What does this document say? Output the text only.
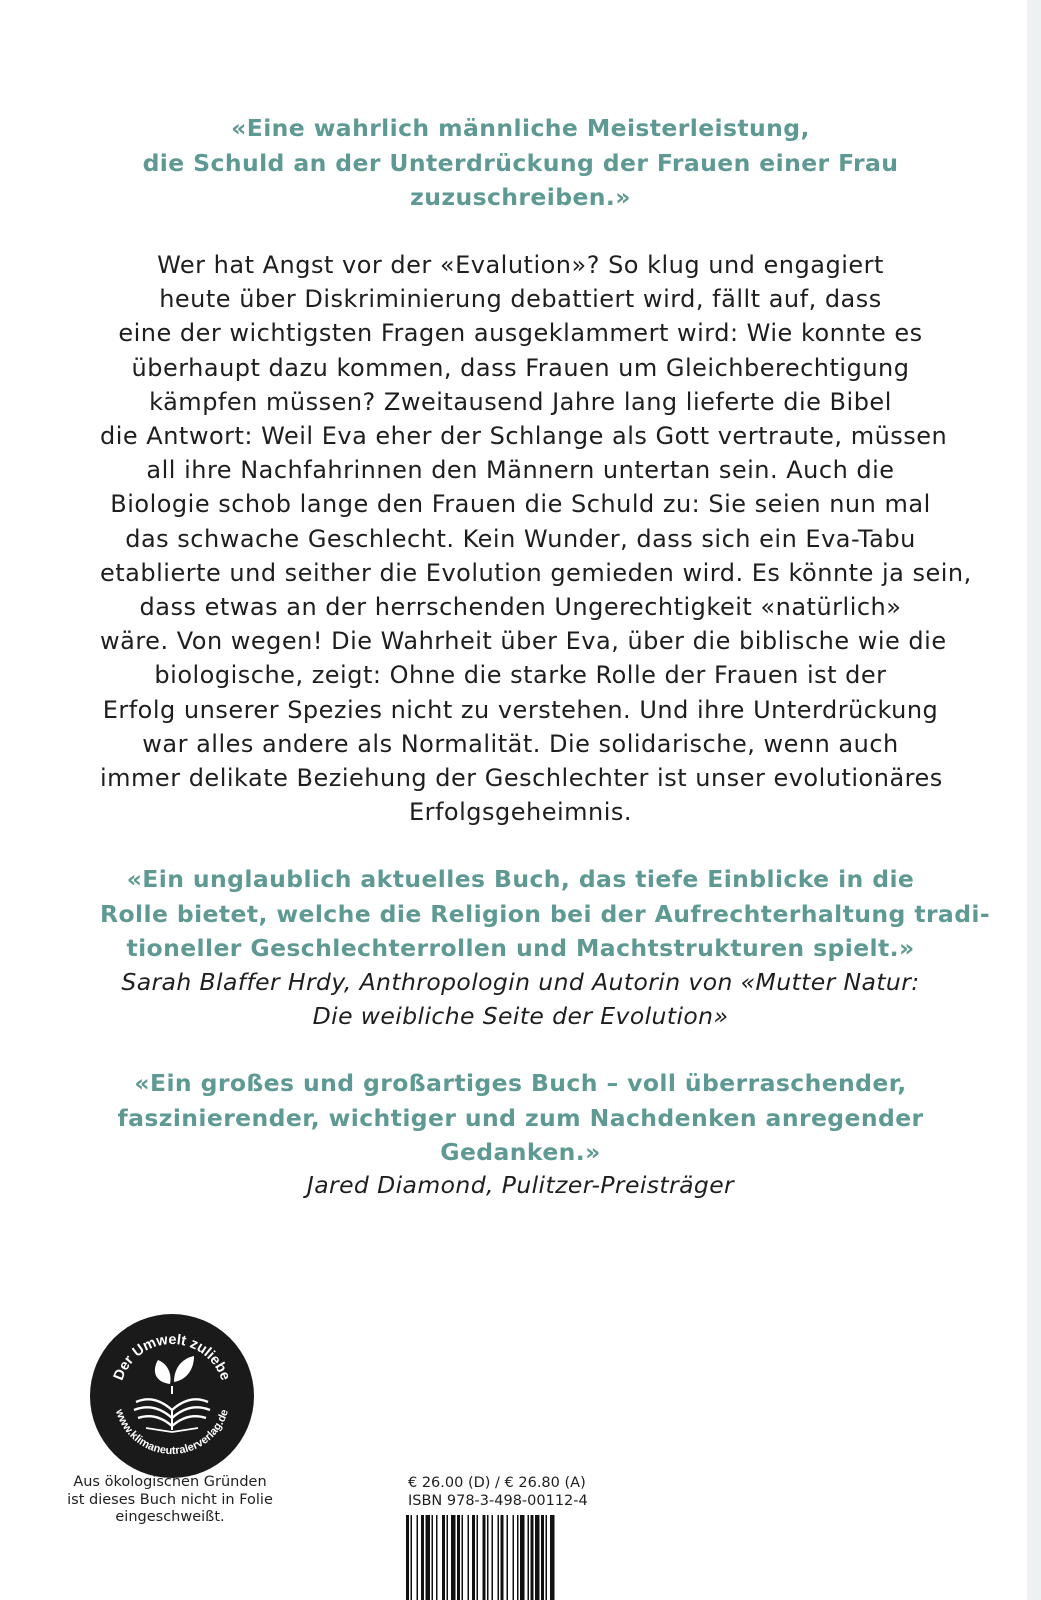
«Eine wahrlich männliche Meisterleistung,
die Schuld an der Unterdrückung der Frauen einer Frau
zuzuschreiben.»
Wer hat Angst vor der «Evalution»? So klug und engagiert
heute über Diskriminierung debattiert wird, fällt auf, dass
eine der wichtigsten Fragen ausgeklammert wird: Wie konnte es
überhaupt dazu kommen, dass Frauen um Gleichberechtigung
kämpfen müssen? Zweitausend Jahre lang lieferte die Bibel
die Antwort: Weil Eva eher der Schlange als Gott vertraute, müssen
all ihre Nachfahrinnen den Männern untertan sein. Auch die
Biologie schob lange den Frauen die Schuld zu: Sie seien nun mal
das schwache Geschlecht. Kein Wunder, dass sich ein Eva-Tabu
etablierte und seither die Evolution gemieden wird. Es könnte ja sein,
dass etwas an der herrschenden Ungerechtigkeit «natürlich»
wäre. Von wegen! Die Wahrheit über Eva, über die biblische wie die
biologische, zeigt: Ohne die starke Rolle der Frauen ist der
Erfolg unserer Spezies nicht zu verstehen. Und ihre Unterdrückung
war alles andere als Normalität. Die solidarische, wenn auch
immer delikate Beziehung der Geschlechter ist unser evolutionäres
Erfolgsgeheimnis.
«Ein unglaublich aktuelles Buch, das tiefe Einblicke in die
Rolle bietet, welche die Religion bei der Aufrechterhaltung tradi-
tioneller Geschlechterrollen und Machtstrukturen spielt.»
Sarah Blaffer Hrdy, Anthropologin und Autorin von «Mutter Natur:
Die weibliche Seite der Evolution»
«Ein großes und großartiges Buch – voll überraschender,
faszinierender, wichtiger und zum Nachdenken anregender
Gedanken.»
Jared Diamond, Pulitzer-Preisträger
Der Umwelt zuliebe
www.klimaneutralerverlag.de
Aus ökologischen Gründen
ist dieses Buch nicht in Folie
eingeschweißt.
€ 26.00 (D) / € 26.80 (A)
ISBN 978-3-498-00112-4
